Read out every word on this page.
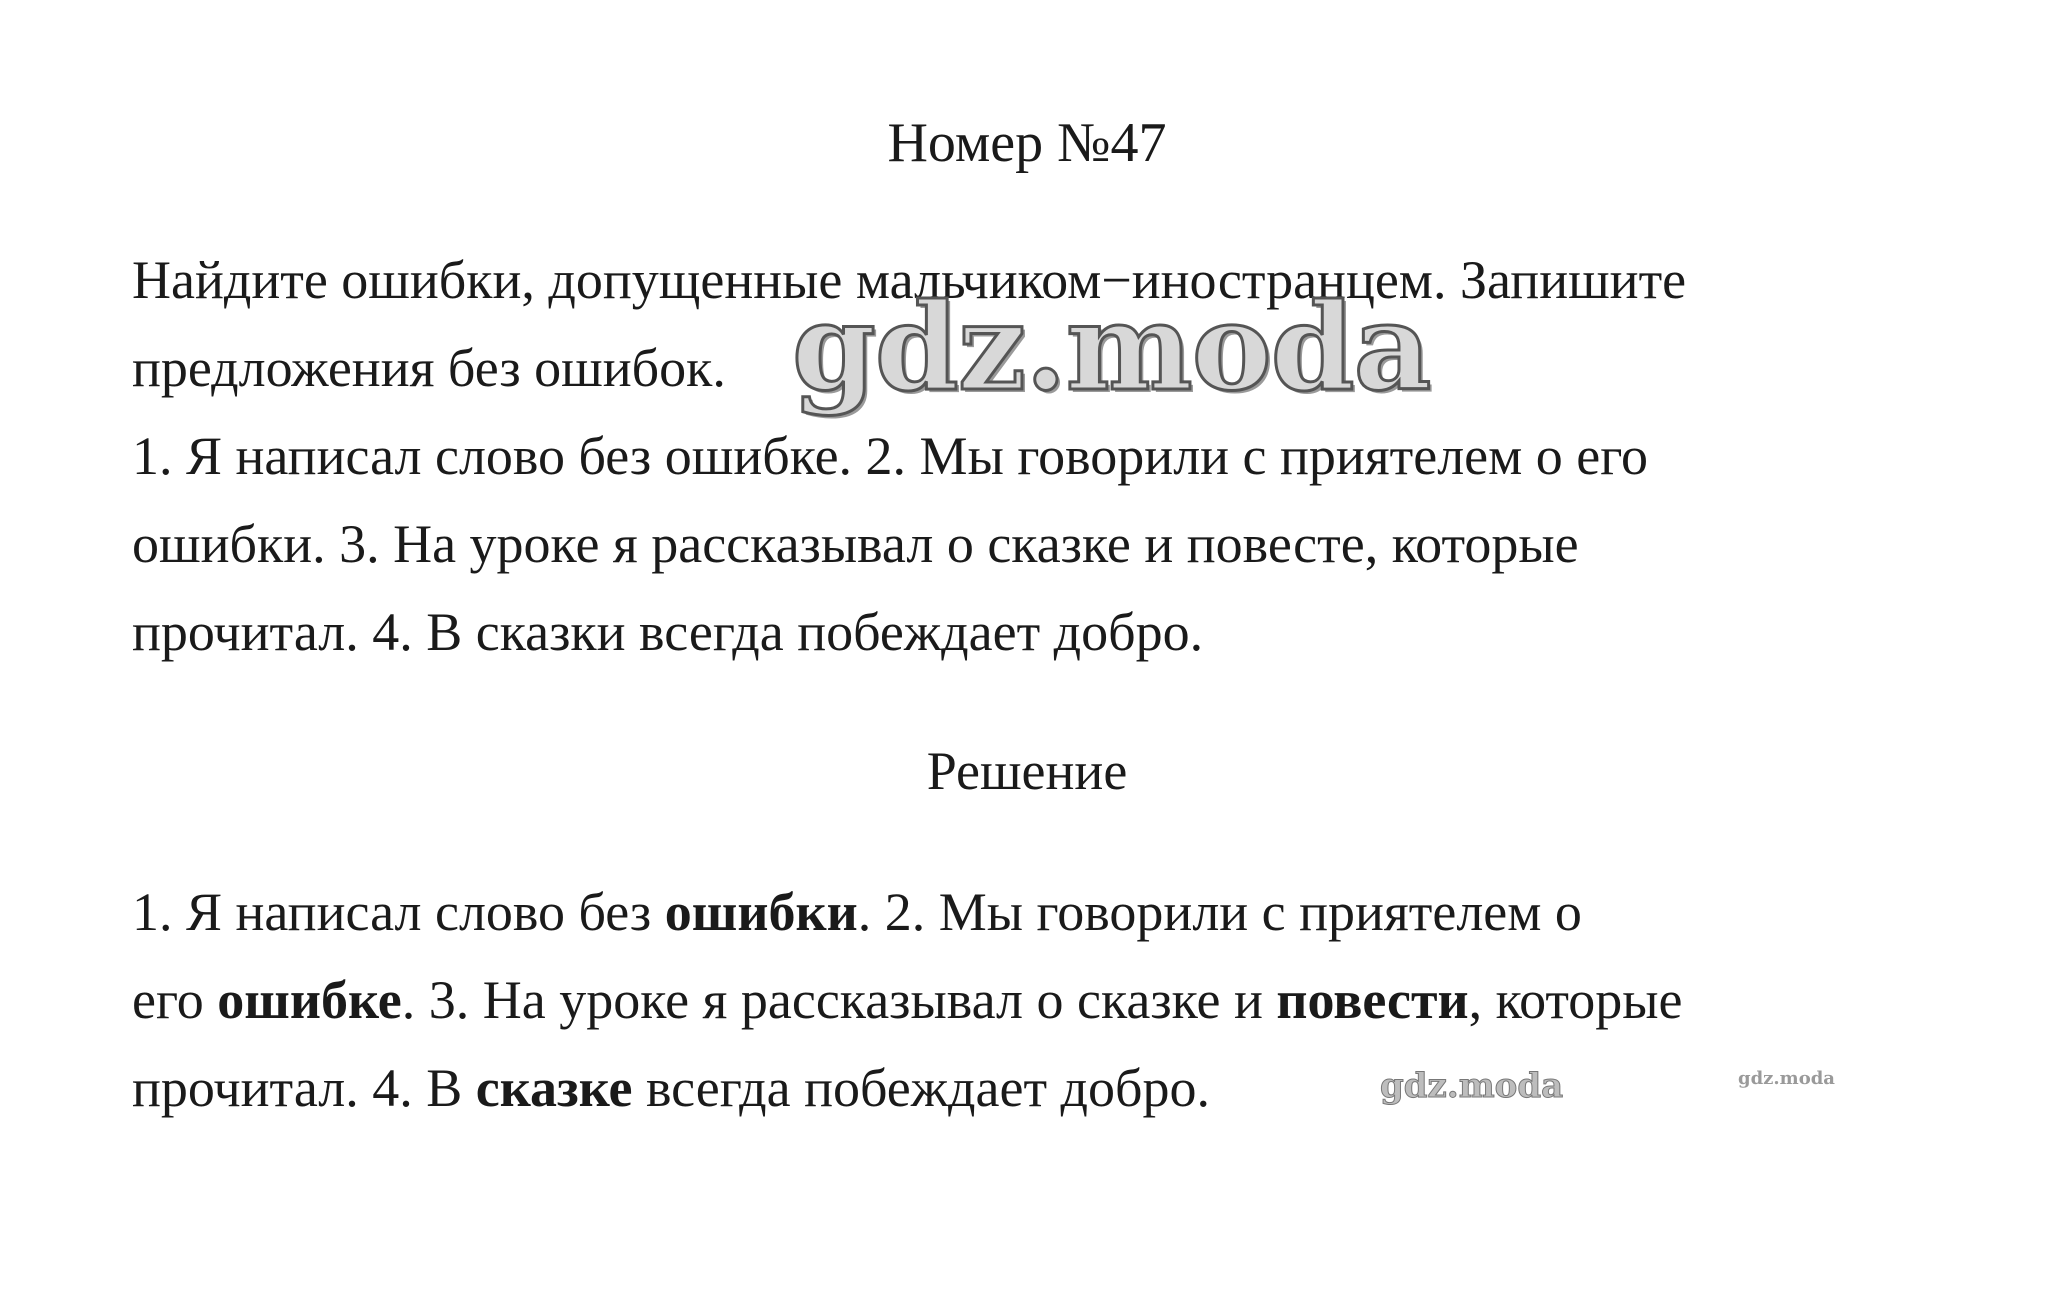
Номер №47
Найдите ошибки, допущенные мальчиком−иностранцем. Запишите
предложения без ошибок.
1. Я написал слово без ошибке. 2. Мы говорили с приятелем о его
ошибки. 3. На уроке я рассказывал о сказке и повесте, которые
прочитал. 4. В сказки всегда побеждает добро.
Решение
1. Я написал слово без ошибки. 2. Мы говорили с приятелем о
его ошибке. 3. На уроке я рассказывал о сказке и повести, которые
прочитал. 4. В сказке всегда побеждает добро.
gdz.moda
gdz.moda	gdz.moda
